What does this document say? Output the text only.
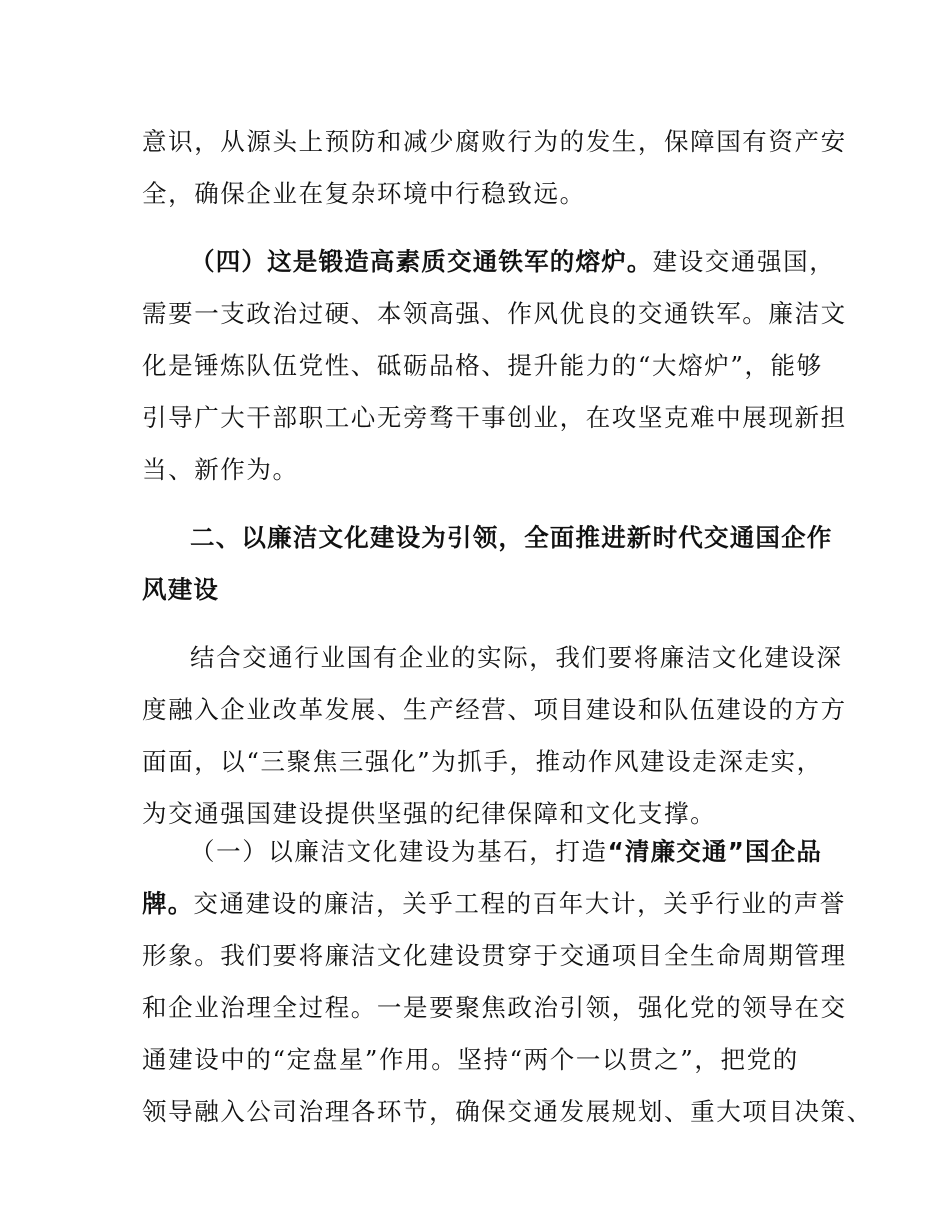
意识，从源头上预防和减少腐败行为的发生，保障国有资产安
全，确保企业在复杂环境中行稳致远。
（四）这是锻造高素质交通铁军的熔炉。建设交通强国，
需要一支政治过硬、本领高强、作风优良的交通铁军。廉洁文
化是锤炼队伍党性、砥砺品格、提升能力的“大熔炉”，能够
引导广大干部职工心无旁骛干事创业，在攻坚克难中展现新担
当、新作为。
二、以廉洁文化建设为引领，全面推进新时代交通国企作
风建设
结合交通行业国有企业的实际，我们要将廉洁文化建设深
度融入企业改革发展、生产经营、项目建设和队伍建设的方方
面面，以“三聚焦三强化”为抓手，推动作风建设走深走实，
为交通强国建设提供坚强的纪律保障和文化支撑。
（一）以廉洁文化建设为基石，打造“清廉交通”国企品
牌。交通建设的廉洁，关乎工程的百年大计，关乎行业的声誉
形象。我们要将廉洁文化建设贯穿于交通项目全生命周期管理
和企业治理全过程。一是要聚焦政治引领，强化党的领导在交
通建设中的“定盘星”作用。坚持“两个一以贯之”，把党的
领导融入公司治理各环节，确保交通发展规划、重大项目决策、
